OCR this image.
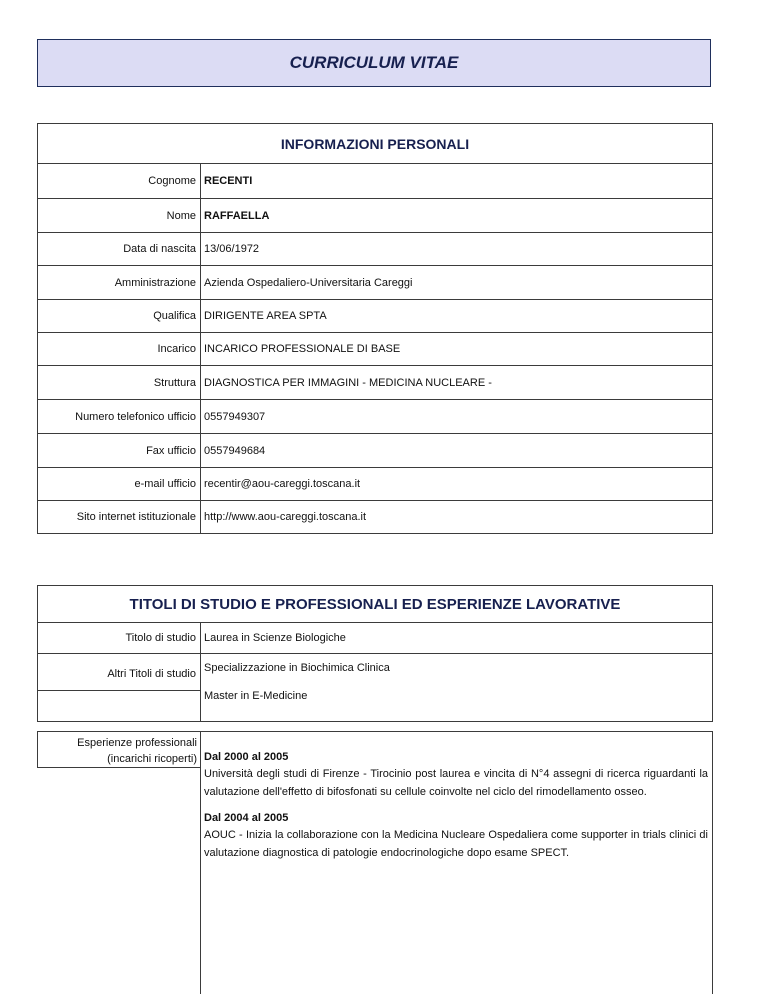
CURRICULUM VITAE
INFORMAZIONI PERSONALI
Cognome RECENTI
Nome RAFFAELLA
Data di nascita 13/06/1972
Amministrazione Azienda Ospedaliero-Universitaria Careggi
Qualifica DIRIGENTE AREA SPTA
Incarico INCARICO PROFESSIONALE DI BASE
Struttura DIAGNOSTICA PER IMMAGINI - MEDICINA NUCLEARE -
Numero telefonico ufficio 0557949307
Fax ufficio 0557949684
e-mail ufficio recentir@aou-careggi.toscana.it
Sito internet istituzionale http://www.aou-careggi.toscana.it
TITOLI DI STUDIO E PROFESSIONALI ED ESPERIENZE LAVORATIVE
Titolo di studio Laurea in Scienze Biologiche
Altri Titoli di studio Specializzazione in Biochimica Clinica
Master in E-Medicine
Esperienze professionali
(incarichi ricoperti) Dal 2000 al 2005
Università degli studi di Firenze - Tirocinio post laurea e vincita di N°4 assegni di ricerca riguardanti la valutazione dell'effetto di bifosfonati su cellule coinvolte nel ciclo del rimodellamento osseo.
Dal 2004 al 2005
AOUC - Inizia la collaborazione con la Medicina Nucleare Ospedaliera come supporter in trials clinici di valutazione diagnostica di patologie endocrinologiche dopo esame SPECT.
